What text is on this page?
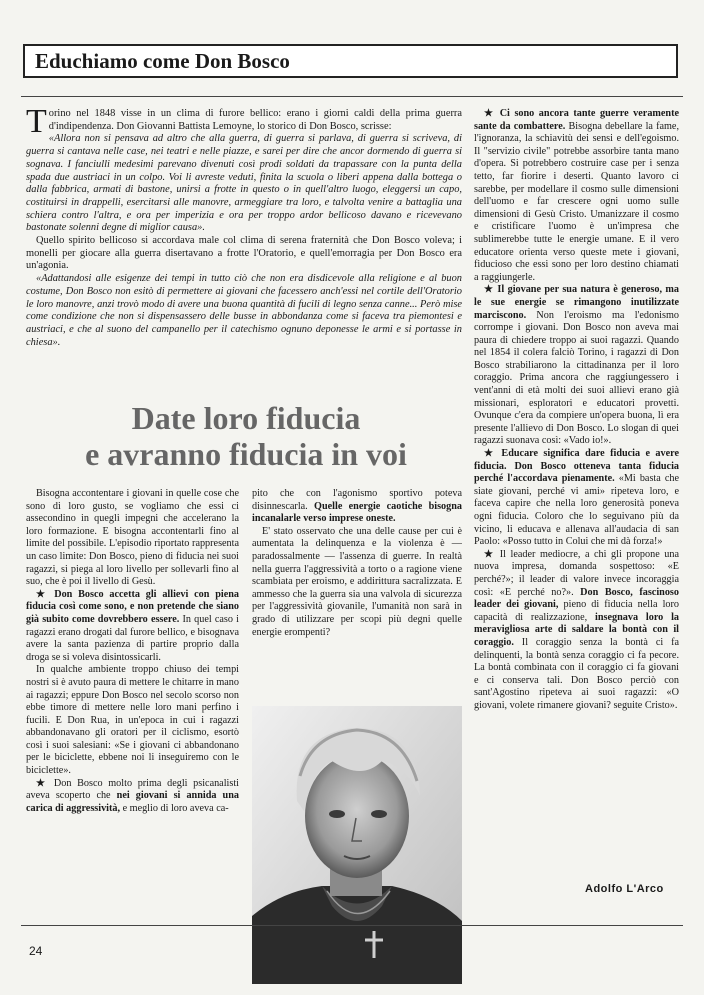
Educhiamo come Don Bosco

Torino nel 1848 visse in un clima di furore bellico: erano i giorni caldi della prima guerra d'indipendenza. Don Giovanni Battista Lemoyne, lo storico di Don Bosco, scrisse:

«Allora non si pensava ad altro che alla guerra, di guerra si parlava, di guerra si scriveva, di guerra si cantava nelle case, nei teatri e nelle piazze, e sarei per dire che ancor dormendo di guerra si sognava. I fanciulli medesimi parevano divenuti così prodi soldati da trapassare con la punta della spada due austriaci in un colpo. Voi li avreste veduti, finita la scuola o liberi appena dalla bottega o dalla fabbrica, armati di bastone, unirsi a frotte in questo o in quell'altro luogo, eleggersi un capo, costituirsi in drappelli, esercitarsi alle manovre, armeggiare tra loro, e talvolta venire a battaglia una schiera contro l'altra, e ora per imperizia e ora per troppo ardor bellicoso davano e ricevevano bastonate solenni degne di miglior causa».

Quello spirito bellicoso si accordava male col clima di serena fraternità che Don Bosco voleva; i monelli per giocare alla guerra disertavano a frotte l'Oratorio, e quell'emorragia per Don Bosco era un'agonia.

«Adattandosi alle esigenze dei tempi in tutto ciò che non era disdicevole alla religione e al buon costume, Don Bosco non esitò di permettere ai giovani che facessero anch'essi nel cortile dell'Oratorio le loro manovre, anzi trovò modo di avere una buona quantità di fucili di legno senza canne... Però mise come condizione che non si dispensassero delle busse in abbondanza come si faceva tra piemontesi e austriaci, e che al suono del campanello per il catechismo ognuno deponesse le armi e si portasse in chiesa».

Date loro fiducia
e avranno fiducia in voi

Bisogna accontentare i giovani in quelle cose che sono di loro gusto, se vogliamo che essi ci assecondino in quegli impegni che accelerano la loro formazione. E bisogna accontentarli fino al limite del possibile. L'episodio riportato rappresenta un caso limite: Don Bosco, pieno di fiducia nei suoi ragazzi, si piega al loro livello per sollevarli fino al suo, che è poi il livello di Gesù.

★ Don Bosco accetta gli allievi con piena fiducia così come sono, e non pretende che siano già subito come dovrebbero essere. In quel caso i ragazzi erano drogati dal furore bellico, e bisognava avere la santa pazienza di partire proprio dalla droga se si voleva disintossicarli.

In qualche ambiente troppo chiuso dei tempi nostri si è avuto paura di mettere le chitarre in mano ai ragazzi; eppure Don Bosco nel secolo scorso non ebbe timore di mettere nelle loro mani perfino i fucili. E Don Rua, in un'epoca in cui i ragazzi abbandonavano gli oratori per il ciclismo, esortò così i suoi salesiani: «Se i giovani ci abbandonano per le biciclette, ebbene noi li inseguiremo con le biciclette».

★ Don Bosco molto prima degli psicanalisti aveva scoperto che nei giovani si annida una carica di aggressività, e meglio di loro aveva ca-

pito che con l'agonismo sportivo poteva disinnescarla. Quelle energie caotiche bisogna incanalarle verso imprese oneste.

E' stato osservato che una delle cause per cui è aumentata la delinquenza e la violenza è — paradossalmente — l'assenza di guerre. In realtà nella guerra l'aggressività a torto o a ragione viene scambiata per eroismo, e addirittura sacralizzata. E ammesso che la guerra sia una valvola di sicurezza per l'aggressività giovanile, l'umanità non sarà in grado di utilizzare per scopi più degni quelle energie erompenti?

★ Ci sono ancora tante guerre veramente sante da combattere. Bisogna debellare la fame, l'ignoranza, la schiavitù dei sensi e dell'egoismo. Il "servizio civile" potrebbe assorbire tanta mano d'opera. Si potrebbero costruire case per i senza tetto, far fiorire i deserti. Quanto lavoro ci sarebbe, per modellare il cosmo sulle dimensioni dell'uomo e far crescere ogni uomo sulle dimensioni di Gesù Cristo. Umanizzare il cosmo e cristificare l'uomo è un'impresa che sublimerebbe tutte le energie umane. E il vero educatore orienta verso queste mete i giovani, fiducioso che essi sono per loro destino chiamati a raggiungerle.

★ Il giovane per sua natura è generoso, ma le sue energie se rimangono inutilizzate marciscono. Non l'eroismo ma l'edonismo corrompe i giovani. Don Bosco non aveva mai paura di chiedere troppo ai suoi ragazzi. Quando nel 1854 il colera falciò Torino, i ragazzi di Don Bosco strabiliarono la cittadinanza per il loro coraggio. Prima ancora che raggiungessero i vent'anni di età molti dei suoi allievi erano già missionari, esploratori e educatori provetti. Ovunque c'era da compiere un'opera buona, lì era presente l'allievo di Don Bosco. Lo slogan di quei ragazzi suonava così: «Vado io!».

★ Educare significa dare fiducia e avere fiducia. Don Bosco otteneva tanta fiducia perché l'accordava pienamente. «Mi basta che siate giovani, perché vi ami» ripeteva loro, e faceva capire che nella loro generosità poneva ogni fiducia. Coloro che lo seguivano più da vicino, li educava e allenava all'audacia di san Paolo: «Posso tutto in Colui che mi dà forza!»

★ Il leader mediocre, a chi gli propone una nuova impresa, domanda sospettoso: «E perché?»; il leader di valore invece incoraggia così: «E perché no?». Don Bosco, fascinoso leader dei giovani, pieno di fiducia nella loro capacità di realizzazione, insegnava loro la meravigliosa arte di saldare la bontà con il coraggio. Il coraggio senza la bontà ci fa delinquenti, la bontà senza coraggio ci fa pecore. La bontà combinata con il coraggio ci fa giovani e ci conserva tali. Don Bosco perciò con sant'Agostino ripeteva ai suoi ragazzi: «O giovani, volete rimanere giovani? seguite Cristo».

Adolfo L'Arco
24
